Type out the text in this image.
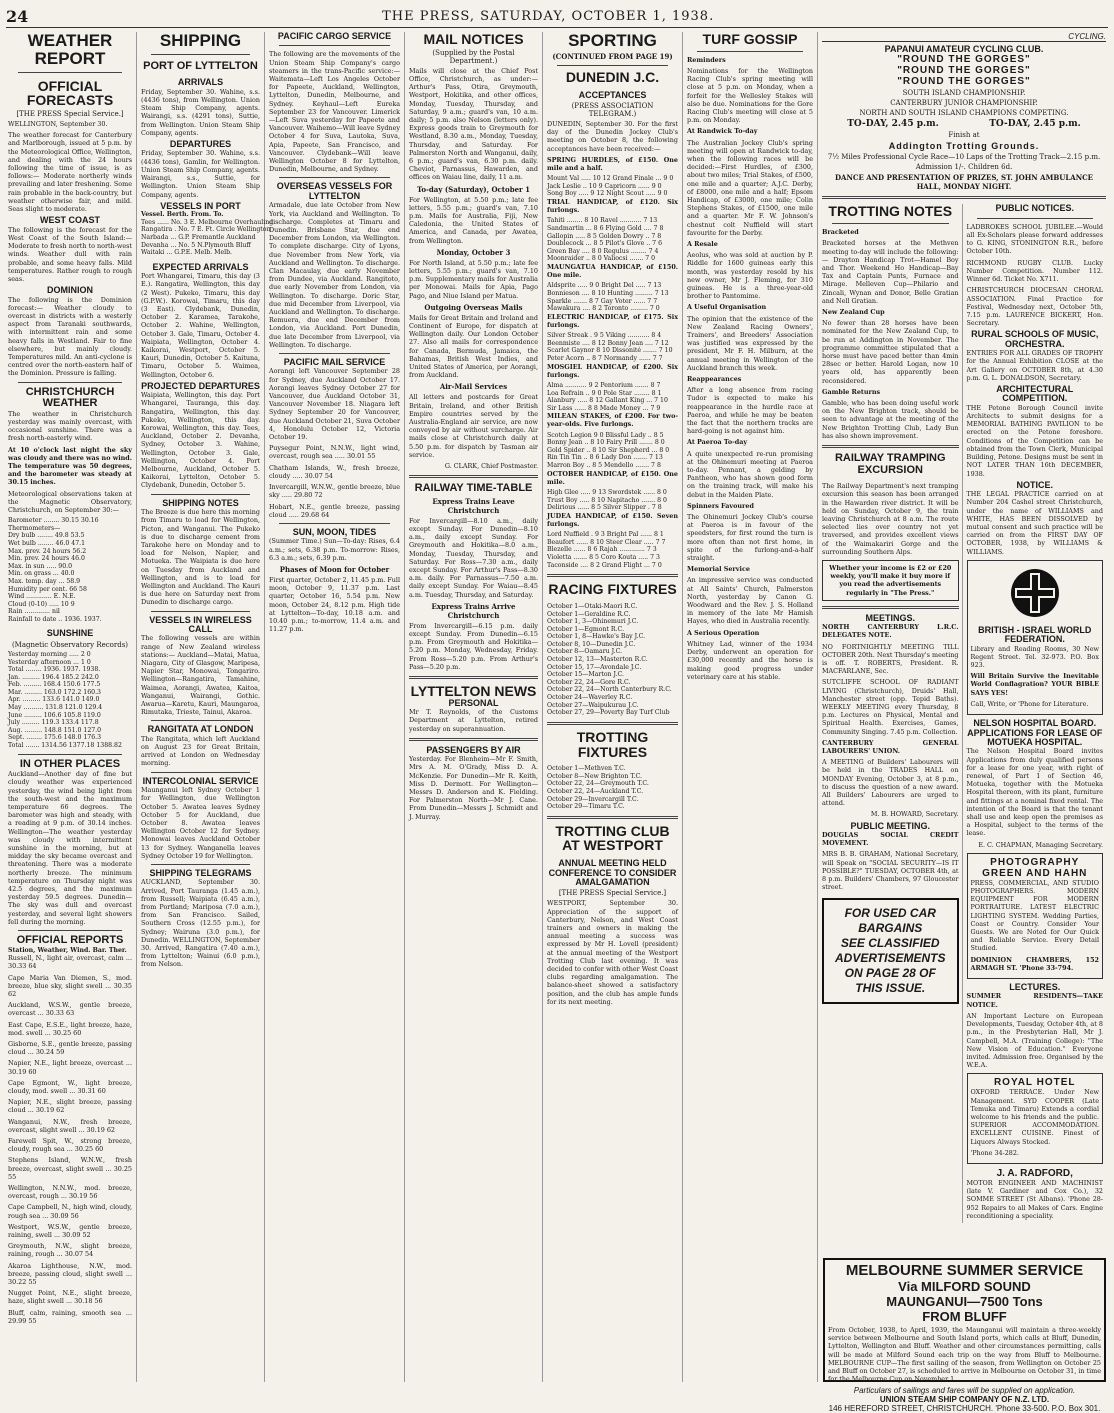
24	THE PRESS, SATURDAY, OCTOBER 1, 1938.
WEATHER REPORT
OFFICIAL FORECASTS
[THE PRESS Special Service.]
WELLINGTON, September 30.
The weather forecast for Canterbury and Marlborough, issued at 5 p.m. by the Meteorological Office, Wellington, and dealing with the 24 hours following the time of issue, is as follows:— Moderate northerly winds prevailing and later freshening. Some rain probable in the back-country, but weather otherwise fair, and mild. Seas slight to moderate.
WEST COAST
The following is the forecast for the West Coast of the South Island:— Moderate to fresh north to north-west winds. Weather dull with rain probable, and some heavy falls. Mild temperatures. Rather rough to rough seas.
DOMINION
The following is the Dominion forecast:— Weather cloudy to overcast in districts with a westerly aspect from Taranaki southwards, with intermittent rain and some heavy falls in Westland. Fair to fine elsewhere, but mainly cloudy. Temperatures mild. An anti-cyclone is centred over the north-eastern half of the Dominion. Pressure is falling.
CHRISTCHURCH WEATHER
The weather in Christchurch yesterday was mainly overcast, with occasional sunshine. There was a fresh north-easterly wind.
At 10 o'clock last night the sky was cloudy and there was no wind. The temperature was 50 degrees, and the barometer was steady at 30.15 inches.
Meteorological observations taken at the Magnetic Observatory, Christchurch, on September 30:—
Barometer ........ 30.15 30.16
Thermometers—
Dry bulb ........ 49.8 53.5
Wet bulb ........ 46.0 47.1
Max. prev. 24 hours 56.2
Min. prev. 24 hours 46.0
Max. in sun ..... 90.0
Min. on grass ... 40.0
Max. temp. day ... 58.9
Humidity per cent. 66 58
Wind ............. E. N.E.
Cloud (0-10) ..... 10 9
Rain ............. nil
Rainfall to date .. 1936. 1937.
SUNSHINE
(Magnetic Observatory Records)
Yesterday morning ..... 2 0
Yesterday afternoon ... 1 0
Total ........ 1936. 1937. 1938.
Jan. ......... 196.4 185.2 242.0
Feb. ......... 168.4 150.6 177.5
Mar. ......... 163.0 172.2 160.3
Apr. ......... 133.6 141.0 149.0
May .......... 131.8 121.0 129.4
June ......... 106.6 105.8 119.0
July ......... 119.3 133.4 117.8
Aug. ......... 148.8 151.0 127.0
Sept. ........ 175.6 148.0 176.3
Total ....... 1314.56 1377.18 1388.82
IN OTHER PLACES
Auckland—Another day of fine but cloudy weather was experienced yesterday, the wind being light from the south-west and the maximum temperature 66 degrees. The barometer was high and steady, with a reading at 9 p.m. of 30.14 inches. Wellington—The weather yesterday was cloudy with intermittent sunshine in the morning, but at midday the sky became overcast and threatening. There was a moderate northerly breeze. The minimum temperature on Thursday night was 42.5 degrees, and the maximum yesterday 59.5 degrees. Dunedin—The sky was dull and overcast yesterday, and several light showers fell during the morning.
OFFICIAL REPORTS
Station, Weather, Wind. Bar. Ther.
Russell, N., light air, overcast, calm ... 30.33 64
Cape Maria Van Diemen, S., mod. breeze, blue sky, slight swell ... 30.35 62
Auckland, W.S.W., gentle breeze, overcast ... 30.33 63
East Cape, E.S.E., light breeze, haze, mod. swell ... 30.25 60
Gisborne, S.E., gentle breeze, passing cloud ... 30.24 59
Napier, N.E., light breeze, overcast ... 30.19 60
Cape Egmont, W., light breeze, cloudy, mod. swell ... 30.31 60
Napier, N.E., slight breeze, passing cloud ... 30.19 62
Wanganui, N.W., fresh breeze, overcast, slight swell ... 30.19 62
Farewell Spit, W., strong breeze, cloudy, rough sea ... 30.25 60
Stephens Island, W.N.W., fresh breeze, overcast, slight swell ... 30.25 55
Wellington, N.N.W., mod. breeze, overcast, rough ... 30.19 56
Cape Campbell, N., high wind, cloudy, rough sea ... 30.09 56
Westport, W.S.W., gentle breeze, raining, swell ... 30.09 52
Greymouth, N.W., slight breeze, raining, rough ... 30.07 54
Akaroa Lighthouse, N.W., mod. breeze, passing cloud, slight swell ... 30.22 55
Nugget Point, N.E., slight breeze, haze, slight swell ... 30.18 56
Bluff, calm, raining, smooth sea ... 29.99 55
SHIPPING
PORT OF LYTTELTON
ARRIVALS
Friday, September 30. Wahine, s.s. (4436 tons), from Wellington. Union Steam Ship Company, agents. Wairangi, s.s. (4291 tons), Suttie, from Wellington. Union Steam Ship Company, agents.
DEPARTURES
Friday, September 30. Wahine, s.s. (4436 tons), Gamlin, for Wellington. Union Steam Ship Company, agents. Wairangi, s.s., Suttie, for Wellington. Union Steam Ship Company, agents.
VESSELS IN PORT
Vessel. Berth. From. To.
Tees ...... No. 3 E. Melbourne Overhauling
Rangatira . No. 7 E. Ft. Circle Wellington
Narbada ... G.P. Fremantle Auckland
Devanha ... No. 5 N.Plymouth Bluff
Waitaki ... G.P.E. Melb. Melb.
EXPECTED ARRIVALS
Port Whangarei, Timaru, this day (3 E.). Rangatira, Wellington, this day (2 West). Pukeko, Timaru, this day (G.P.W.). Korowai, Timaru, this day (3 East). Clydebank, Dunedin, October 2. Karamea, Tarakohe, October 2. Wahine, Wellington, October 3. Gale, Timaru, October 4. Waipiata, Wellington, October 4. Kaikorai, Westport, October 5. Kauri, Dunedin, October 5. Kaituna, Timaru, October 5. Waimea, Wellington, October 6.
PROJECTED DEPARTURES
Waipiata, Wellington, this day. Port Whangarei, Tauranga, this day. Rangatira, Wellington, this day. Pukeko, Wellington, this day. Korowai, Wellington, this day. Tees, Auckland, October 2. Devanha, Sydney, October 3. Wahine, Wellington, October 3. Gale, Wellington, October 4. Port Melbourne, Auckland, October 5. Kaikorai, Lyttelton, October 5. Clydebank, Dunedin, October 5.
SHIPPING NOTES
The Breeze is due here this morning from Timaru to load for Wellington, Picton, and Wanganui. The Pukeko is due to discharge cement from Tarakohe here on Monday and to load for Nelson, Napier, and Motueka. The Waipiata is due here on Tuesday from Auckland and Wellington, and is to load for Wellington and Auckland. The Kauri is due here on Saturday next from Dunedin to discharge cargo.
VESSELS IN WIRELESS CALL
The following vessels are within range of New Zealand wireless stations:— Auckland—Matai, Matua, Niagara, City of Glasgow, Maripesa, Napier Star, Monowai, Tongariro. Wellington—Rangatira, Tamahine, Waimea, Aorangi, Awatea, Kaitoa, Wanganui, Wairangi, Gothic. Awarua—Karetu, Kauri, Maungaroa, Rimutaka, Trieste, Tainui, Akaroa.
RANGITATA AT LONDON
The Rangitata, which left Auckland on August 23 for Great Britain, arrived at London on Wednesday morning.
INTERCOLONIAL SERVICE
Maunganui left Sydney October 1 for Wellington, due Wellington October 5. Awatea leaves Sydney October 5 for Auckland, due October 8. Awatea leaves Wellington October 12 for Sydney. Monowai leaves Auckland October 13 for Sydney. Wanganella leaves Sydney October 19 for Wellington.
SHIPPING TELEGRAMS
AUCKLAND, September 30. Arrived, Port Tauranga (1.45 a.m.), from Russell; Waipiata (6.45 a.m.), from Portland; Mariposa (7.0 a.m.), from San Francisco. Sailed, Southern Cross (12.55 p.m.), for Sydney; Wairuna (3.0 p.m.), for Dunedin. WELLINGTON, September 30. Arrived, Rangatira (7.40 a.m.), from Lyttelton; Wainui (6.0 p.m.), from Nelson.
PACIFIC CARGO SERVICE
The following are the movements of the Union Steam Ship Company's cargo steamers in the trans-Pacific service:— Waitemata—Left Los Angeles October for Papeete, Auckland, Wellington, Lyttelton, Dunedin, Melbourne, and Sydney. Keyhaul—Left Eureka September 23 for Vancouver. Limerick—Left Suva yesterday for Papeete and Vancouver. Waihemo—Will leave Sydney October 4 for Suva, Lautoka, Suva, Apia, Papeete, San Francisco, and Vancouver. Clydebank—Will leave Wellington October 8 for Lyttelton, Dunedin, Melbourne, and Sydney.
OVERSEAS VESSELS FOR LYTTELTON
Armadale, due late October from New York, via Auckland and Wellington. To discharge. Completes at Timaru and Dunedin. Brisbane Star, due end December from London, via Wellington. To complete discharge. City of Lyons, due November from New York, via Auckland and Wellington. To discharge. Clan Macaulay, due early November from Dundee, via Auckland. Rangitoto, due early November from London, via Wellington. To discharge. Doric Star, due mid December from Liverpool, via Auckland and Wellington. To discharge. Remuera, due end December from London, via Auckland. Port Dunedin, due late December from Liverpool, via Wellington. To discharge.
PACIFIC MAIL SERVICE
Aorangi left Vancouver September 28 for Sydney, due Auckland October 17. Aorangi leaves Sydney October 27 for Vancouver, due Auckland October 31, Vancouver November 18. Niagara left Sydney September 20 for Vancouver, due Auckland October 21, Suva October 4, Honolulu October 12, Victoria October 19.
Puysegur Point, N.N.W., light wind, overcast, rough sea ..... 30.01 55
Chatham Islands, W., fresh breeze, cloudy ..... 30.07 54
Invercargill, W.N.W., gentle breeze, blue sky ..... 29.80 72
Hobart, N.E., gentle breeze, passing cloud ..... 29.68 64
SUN, MOON, TIDES
(Summer Time.) Sun—To-day: Rises, 6.4 a.m.; sets, 6.38 p.m. To-morrow: Rises, 6.3 a.m.; sets, 6.39 p.m.
Phases of Moon for October
First quarter, October 2, 11.45 p.m. Full moon, October 9, 11.37 p.m. Last quarter, October 16, 5.54 p.m. New moon, October 24, 8.12 p.m. High tide at Lyttelton—To-day, 10.18 a.m. and 10.40 p.m.; to-morrow, 11.4 a.m. and 11.27 p.m.
MAIL NOTICES
(Supplied by the Postal Department.)
Mails will close at the Chief Post Office, Christchurch, as under:— Arthur's Pass, Otira, Greymouth, Westport, Hokitika, and other offices, Monday, Tuesday, Thursday, and Saturday, 9 a.m.; guard's van, 10 a.m. daily; 5 p.m. also Nelson (letters only). Express goods train to Greymouth for Westland, 8.30 a.m., Monday, Tuesday, Thursday, and Saturday. For Palmerston North and Wanganui, daily, 6 p.m.; guard's van, 6.30 p.m. daily. Cheviot, Parnassus, Hawarden, and offices on Waiau line, daily, 11 a.m.
To-day (Saturday), October 1
For Wellington, at 5.50 p.m.; late fee letters, 5.55 p.m.; guard's van, 7.10 p.m. Mails for Australia, Fiji, New Caledonia, the United States of America, and Canada, per Awatea, from Wellington.
Monday, October 3
For North Island, at 5.50 p.m.; late fee letters, 5.55 p.m.; guard's van, 7.10 p.m. Supplementary mails for Australia per Monowai. Mails for Apia, Pago Pago, and Niue Island per Matua.
Outgoing Overseas Mails
Mails for Great Britain and Ireland and Continent of Europe, for dispatch at Wellington daily. Our London October 27. Also all mails for correspondence for Canada, Bermuda, Jamaica, the Bahamas, British West Indies, and United States of America, per Aorangi, from Auckland.
Air-Mail Services
All letters and postcards for Great Britain, Ireland, and other British Empire countries served by the Australia-England air service, are now conveyed by air without surcharge. Air mails close at Christchurch daily at 5.50 p.m. for dispatch by Tasman air service.
G. CLARK, Chief Postmaster.
RAILWAY TIME-TABLE
Express Trains Leave Christchurch
For Invercargill—8.10 a.m., daily except Sunday. For Dunedin—8.10 a.m., daily except Sunday. For Greymouth and Hokitika—8.0 a.m., Monday, Tuesday, Thursday, and Saturday. For Ross—7.30 a.m., daily except Sunday. For Arthur's Pass—8.30 a.m. daily. For Parnassus—7.50 a.m. daily except Sunday. For Waiau—8.45 a.m. Tuesday, Thursday, and Saturday.
Express Trains Arrive Christchurch
From Invercargill—6.15 p.m. daily except Sunday. From Dunedin—6.15 p.m. From Greymouth and Hokitika—5.20 p.m. Monday, Wednesday, Friday. From Ross—5.20 p.m. From Arthur's Pass—5.20 p.m.
LYTTELTON NEWS
PERSONAL
Mr T. Reynolds, of the Customs Department at Lyttelton, retired yesterday on superannuation.
PASSENGERS BY AIR
Yesterday. For Blenheim—Mr F. Smith, Mrs A. M. O'Grady, Miss D. A. McKenzie. For Dunedin—Mr R. Keith, Miss D. Dermott. For Wellington—Messrs D. Anderson and K. Fielding. For Palmerston North—Mr J. Cane. From Dunedin—Messrs J. Schmidt and J. Murray.
SPORTING
(CONTINUED FROM PAGE 19)
DUNEDIN J.C.
ACCEPTANCES
(PRESS ASSOCIATION TELEGRAM.)
DUNEDIN, September 30. For the first day of the Dunedin Jockey Club's meeting on October 8, the following acceptances have been received:—
SPRING HURDLES, of £150. One mile and a half.
Mount Val ..... 10 12 Grand Finale ... 9 0
Jack Leslie .. 10 9 Capricorn ...... 9 0
Song Boy ..... 9 12 Night Scout ..... 9 0
TRIAL HANDICAP, of £120. Six furlongs.
Tahiti ........ 8 10 Ravel ........... 7 13
Sandmartin ... 8 6 Flying Gold .... 7 8
Gallopin ..... 8 5 Golden Dowry .. 7 8
Doublecock ... 8 5 Pilot's Glove .. 7 6
Green Bay .... 8 0 Regulus ........ 7 4
Moonraider .. 8 0 Valiocsi ....... 7 0
MAUNGATUA HANDICAP, of £150. One mile.
Aldsprite ..... 9 0 Bright Del ..... 7 13
Bonnieson .... 8 10 Hunting ......... 7 13
Sparkle ....... 8 7 Gay Voter ...... 7 7
Mawakura .... 8 2 Toronto ......... 7 0
ELECTRIC HANDICAP, of £175. Six furlongs.
Silver Streak . 9 5 Viking ........... 8 4
Beenmiste .... 8 12 Bonny Jean .... 7 12
Scarlet Gaynor 8 10 Dissonité ....... 7 10
Peter Acorn .. 8 7 Normandy ...... 7 7
MOSGIEL HANDICAP, of £200. Six furlongs.
Alma ........... 9 2 Pentorium ....... 8 7
Loa Refrain .. 9 0 Pole Star ........ 8 1
Alanbury ..... 8 12 Gallant King ... 7 10
Sir Lass ...... 8 8 Made Money ... 7 9
MILEAN STAKES, of £200. For two-year-olds. Five furlongs.
Scotch Legion 9 0 Blissful Lady .. 8 5
Bonny Jean .. 8 10 Fairy Prill ....... 8 0
Gold Spider .. 8 10 Sir Shepherd ... 8 0
Rin Tin Tin .. 8 6 Lady Don ....... 7 13
Marron Boy .. 8 5 Mendello ....... 7 8
OCTOBER HANDICAP, of £150. One mile.
High Glee ..... 9 13 Swordstek ...... 8 0
Trust Boy ..... 8 10 Napitacho ....... 8 0
Delirious ...... 8 5 Silver Slipper . 7 8
JUDEA HANDICAP, of £150. Seven furlongs.
Lord Nuffield . 9 3 Bright Pal ...... 8 1
Beaufort ...... 8 10 Steer Clear ..... 7 7
Blezelle ...... 8 6 Rajah ............. 7 3
Violetta ....... 8 5 Coro Kouta ..... 7 3
Taconside .... 8 2 Grand Flight ... 7 0
RACING FIXTURES
October 1—Otaki-Maori R.C.
October 1—Geraldine R.C.
October 1, 3—Ohinemuri J.C.
October 1—Egmont R.C.
October 1, 8—Hawke's Bay J.C.
October 8, 10—Dunedin J.C.
October 8—Oamaru J.C.
October 12, 13—Masterton R.C.
October 15, 17—Avondale J.C.
October 15—Marton J.C.
October 22, 24—Gore R.C.
October 22, 24—North Canterbury R.C.
October 24—Waverley R.C.
October 27—Waipukurau J.C.
October 27, 29—Poverty Bay Turf Club
TROTTING FIXTURES
October 1—Methven T.C.
October 8—New Brighton T.C.
October 22, 24—Greymouth T.C.
October 22, 24—Auckland T.C.
October 29—Invercargill T.C.
October 29—Timaru T.C.
TROTTING CLUB AT WESTPORT
ANNUAL MEETING HELD
CONFERENCE TO CONSIDER AMALGAMATION
[THE PRESS Special Service.]
WESTPORT, September 30. Appreciation of the support of Canterbury, Nelson, and West Coast trainers and owners in making the annual meeting a success was expressed by Mr H. Lovell (president) at the annual meeting of the Westport Trotting Club last evening. It was decided to confer with other West Coast clubs regarding amalgamation. The balance-sheet showed a satisfactory position, and the club has ample funds for its next meeting.
TURF GOSSIP
Reminders
Nominations for the Wellington Racing Club's spring meeting will close at 5 p.m. on Monday, when a forfeit for the Wellesley Stakes will also be due. Nominations for the Gore Racing Club's meeting will close at 5 p.m. on Monday.
At Randwick To-day
The Australian Jockey Club's spring meeting will open at Randwick to-day, when the following races will be decided:—First Hurdles, of £300, about two miles; Trial Stakes, of £500, one mile and a quarter; A.J.C. Derby, of £8000, one mile and a half; Epsom Handicap, of £3000, one mile; Colin Stephens Stakes, of £1500, one mile and a quarter. Mr F. W. Johnson's chestnut colt Nuffield will start favourite for the Derby.
A Resale
Aeolus, who was sold at auction by P. Riddle for 1600 guineas early this month, was yesterday resold by his new owner, Mr J. Fleming, for 310 guineas. He is a three-year-old brother to Pantomime.
A Useful Organisation
The opinion that the existence of the New Zealand Racing Owners', Trainers', and Breeders' Association was justified was expressed by the president, Mr F. H. Milburn, at the annual meeting in Wellington of the Auckland branch this week.
Reappearances
After a long absence from racing Tudor is expected to make his reappearance in the hurdle race at Paeroa, and while he may be beaten the fact that the northern tracks are hard-going is not against him.
At Paeroa To-day
A quite unexpected re-run promising at the Ohinemuri meeting at Paeroa to-day. Pennant, a gelding by Pantheon, who has shown good form on the training track, will make his debut in the Maiden Plate.
Spinners Favoured
The Ohinemuri Jockey Club's course at Paeroa is in favour of the speedsters, for first round the turn is more often than not first home, in spite of the furlong-and-a-half straight.
Memorial Service
An impressive service was conducted at All Saints' Church, Palmerston North, yesterday by Canon G. Woodward and the Rev. J. S. Holland in memory of the late Mr Hamish Hayes, who died in Australia recently.
A Serious Operation
Whitney Lad, winner of the 1934 Derby, underwent an operation for £30,000 recently and the horse is making good progress under veterinary care at his stable.
CYCLING.
PAPANUI AMATEUR CYCLING CLUB.
"ROUND THE GORGES"
"ROUND THE GORGES"
"ROUND THE GORGES"
SOUTH ISLAND CHAMPIONSHIP.
CANTERBURY JUNIOR CHAMPIONSHIP.
NORTH AND SOUTH ISLAND CHAMPIONS COMPETING.
TO-DAY, 2.45 p.m.	TO-DAY, 2.45 p.m.
Finish at
Addington Trotting Grounds.
7½ Miles Professional Cycle Race—10 Laps of the Trotting Track—2.15 p.m.
Admission 1/-. Children 6d.
DANCE AND PRESENTATION OF PRIZES, ST. JOHN AMBULANCE HALL, MONDAY NIGHT.
TROTTING NOTES
Bracketed
Bracketed horses at the Methven meeting to-day will include the following:— Drayton Handicap Trot—Hamel Boy and Thor. Weekend Ho Handicap—Bay Tax and Captain Punts, Furnace and Mirage. Melleven Cup—Philario and Zincali, Wynan and Donor, Belle Gratian and Nell Gratian.
New Zealand Cup
No fewer than 28 horses have been nominated for the New Zealand Cup, to be run at Addington in November. The programme committee stipulated that a horse must have paced better than 4min 28sec or better. Harold Logan, now 10 years old, has apparently been reconsidered.
Gamble Returns
Gamble, who has been doing useful work on the New Brighton track, should be seen to advantage at the meeting of the New Brighton Trotting Club, Lady Bun has also shown improvement.
RAILWAY TRAMPING EXCURSION
The Railway Department's next tramping excursion this season has been arranged in the Hawarden river district. It will be held on Sunday, October 9, the train leaving Christchurch at 8 a.m. The route selected lies over country not yet traversed, and provides excellent views of the Waimakariri Gorge and the surrounding Southern Alps.
Whether your income is £2 or £20 weekly, you'll make it buy more if you read the advertisements regularly in "The Press."
MEETINGS.
NORTH CANTERBURY L.R.C. DELEGATES NOTE.
NO FORTNIGHTLY MEETING TILL OCTOBER 20th. Next Thursday's meeting is off. T. ROBERTS, President. R. MACFARLANE, Sec.
SUTCLIFFE SCHOOL OF RADIANT LIVING (Christchurch), Druids' Hall, Manchester street (opp. Tepid Baths). WEEKLY MEETING every Thursday, 8 p.m. Lectures on Physical, Mental and Spiritual Health. Exercises, Games, Community Singing. 7.45 p.m. Collection.
CANTERBURY GENERAL LABOURERS' UNION.
A MEETING of Builders' Labourers will be held in the TRADES HALL on MONDAY Evening, October 3, at 8 p.m., to discuss the question of a new award. All Builders' Labourers are urged to attend.
M. B. HOWARD, Secretary.
PUBLIC MEETING.
DOUGLAS SOCIAL CREDIT MOVEMENT.
MRS B. B. GRAHAM, National Secretary, will Speak on "SOCIAL SECURITY—IS IT POSSIBLE?" TUESDAY, OCTOBER 4th, at 8 p.m. Builders' Chambers, 97 Gloucester street.
FOR USED CAR
BARGAINS
SEE CLASSIFIED
ADVERTISEMENTS
ON PAGE 28 OF
THIS ISSUE.
PUBLIC NOTICES.
LADBROKES SCHOOL JUBILEE.—Would all Ex-Scholars please forward addresses to G. KING, STONINGTON R.R., before October 10th.
RICHMOND RUGBY CLUB. Lucky Number Competition. Number 112. Winner 6d. Ticket No. X711.
CHRISTCHURCH DIOCESAN CHORAL ASSOCIATION. Final Practice for Festival, Wednesday next, October 5th, 7.15 p.m. LAURENCE BICKERT, Hon. Secretary.
RURAL SCHOOLS OF MUSIC, ORCHESTRA.
ENTRIES FOR ALL GRADES OF TROPHY for the Annual Exhibition CLOSE at the Art Gallery on OCTOBER 8th, at 4.30 p.m. G. L. DONALDSON, Secretary.
ARCHITECTURAL COMPETITION.
THE Petone Borough Council invite Architects to submit designs for a MEMORIAL BATHING PAVILION to be erected on the Petone foreshore. Conditions of the Competition can be obtained from the Town Clerk, Municipal Building, Petone. Designs must be sent in NOT LATER THAN 16th DECEMBER, 1938.
NOTICE.
THE LEGAL PRACTICE carried on at Number 204 Cashel street Christchurch, under the name of WILLIAMS and WHITE, HAS BEEN DISSOLVED by mutual consent and such practice will be carried on from the FIRST DAY OF OCTOBER, 1938, by WILLIAMS & WILLIAMS.
BRITISH - ISRAEL WORLD FEDERATION.
Library and Reading Rooms, 30 New Regent Street. Tel. 32-973. P.O. Box 923.
Will Britain Survive the Inevitable World Conflagration? YOUR BIBLE SAYS YES!
Call, Write, or 'Phone for Literature.
NELSON HOSPITAL BOARD. APPLICATIONS FOR LEASE OF MOTUEKA HOSPITAL.
The Nelson Hospital Board invites Applications from duly qualified persons for a lease for one year, with right of renewal, of Part 1 of Section 46, Motueka, together with the Motueka Hospital thereon, with its plant, furniture and fittings at a nominal fixed rental. The intention of the Board is that the tenant shall use and keep open the premises as a Hospital, subject to the terms of the lease.
E. C. CHAPMAN, Managing Secretary.
PHOTOGRAPHY GREEN AND HAHN
PRESS, COMMERCIAL, AND STUDIO PHOTOGRAPHERS. MODERN EQUIPMENT FOR MODERN PORTRAITURE. LATEST ELECTRIC LIGHTING SYSTEM. Wedding Parties, Coast or Country. Consider Your Guests. We are Noted for Our Quick and Reliable Service. Every Detail Studied.
DOMINION CHAMBERS, 152 ARMAGH ST. 'Phone 33-794.
LECTURES.
SUMMER RESIDENTS—TAKE NOTICE.
AN Important Lecture on European Developments, Tuesday, October 4th, at 8 p.m., in the Presbyterian Hall, Mr J. Campbell, M.A. (Training College): "The New Vision of Education." Everyone invited. Admission free. Organised by the W.E.A.
ROYAL HOTEL
OXFORD TERRACE. Under New Management. SYD COOPER (Late Temuka and Timaru) Extends a cordial welcome to his friends and the public. SUPERIOR ACCOMMODATION. EXCELLENT CUISINE. Finest of Liquors Always Stocked.
'Phone 34-282.
J. A. RADFORD,
MOTOR ENGINEER AND MACHINIST (late V. Gardiner and Cox Co.), 32 SOMME STREET (St Albans). 'Phone 28-952 Repairs to all Makes of Cars. Engine reconditioning a speciality.
MELBOURNE SUMMER SERVICE
Via MILFORD SOUND
MAUNGANUI—7500 Tons
FROM BLUFF
From October, 1938, to April, 1939, the Maunganui will maintain a three-weekly service between Melbourne and South Island ports, which calls at Bluff, Dunedin, Lyttelton, Wellington and Bluff. Weather and other circumstances permitting, calls will be made at Milford Sound each trip on the way from Bluff to Melbourne. MELBOURNE CUP—The first sailing of the season, from Wellington on October 25 and Bluff on October 27, is scheduled to arrive in Melbourne on October 31, in time for the Melbourne Cup on November 1.
Particulars of sailings and fares will be supplied on application.
UNION STEAM SHIP COMPANY OF N.Z. LTD.
146 HEREFORD STREET, CHRISTCHURCH. 'Phone 33-500. P.O. Box 301.
